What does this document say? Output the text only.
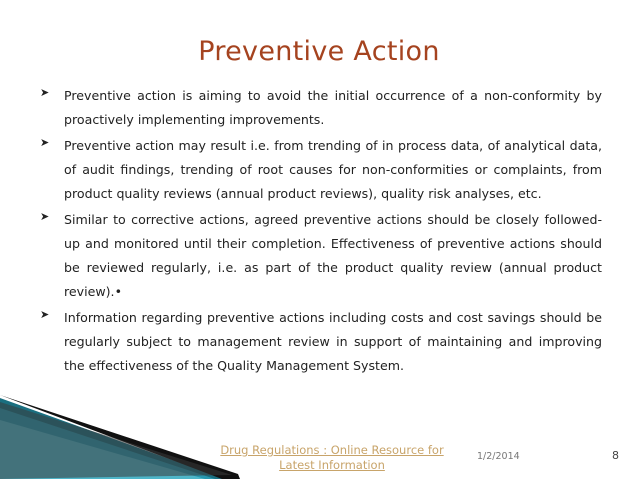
Preventive Action
➤ Preventive action is aiming to avoid the initial occurrence of a non-conformity by proactively implementing improvements.

➤ Preventive action may result i.e. from trending of in process data, of analytical data, of audit findings, trending of root causes for non-conformities or complaints, from product quality reviews (annual product reviews), quality risk analyses, etc.

➤ Similar to corrective actions, agreed preventive actions should be closely followed-up and monitored until their completion. Effectiveness of preventive actions should be reviewed regularly, i.e. as part of the product quality review (annual product review).•

➤ Information regarding preventive actions including costs and cost savings should be regularly subject to management review in support of maintaining and improving the effectiveness of the Quality Management System.

Drug Regulations : Online Resource for
Latest Information
1/2/2014	8
